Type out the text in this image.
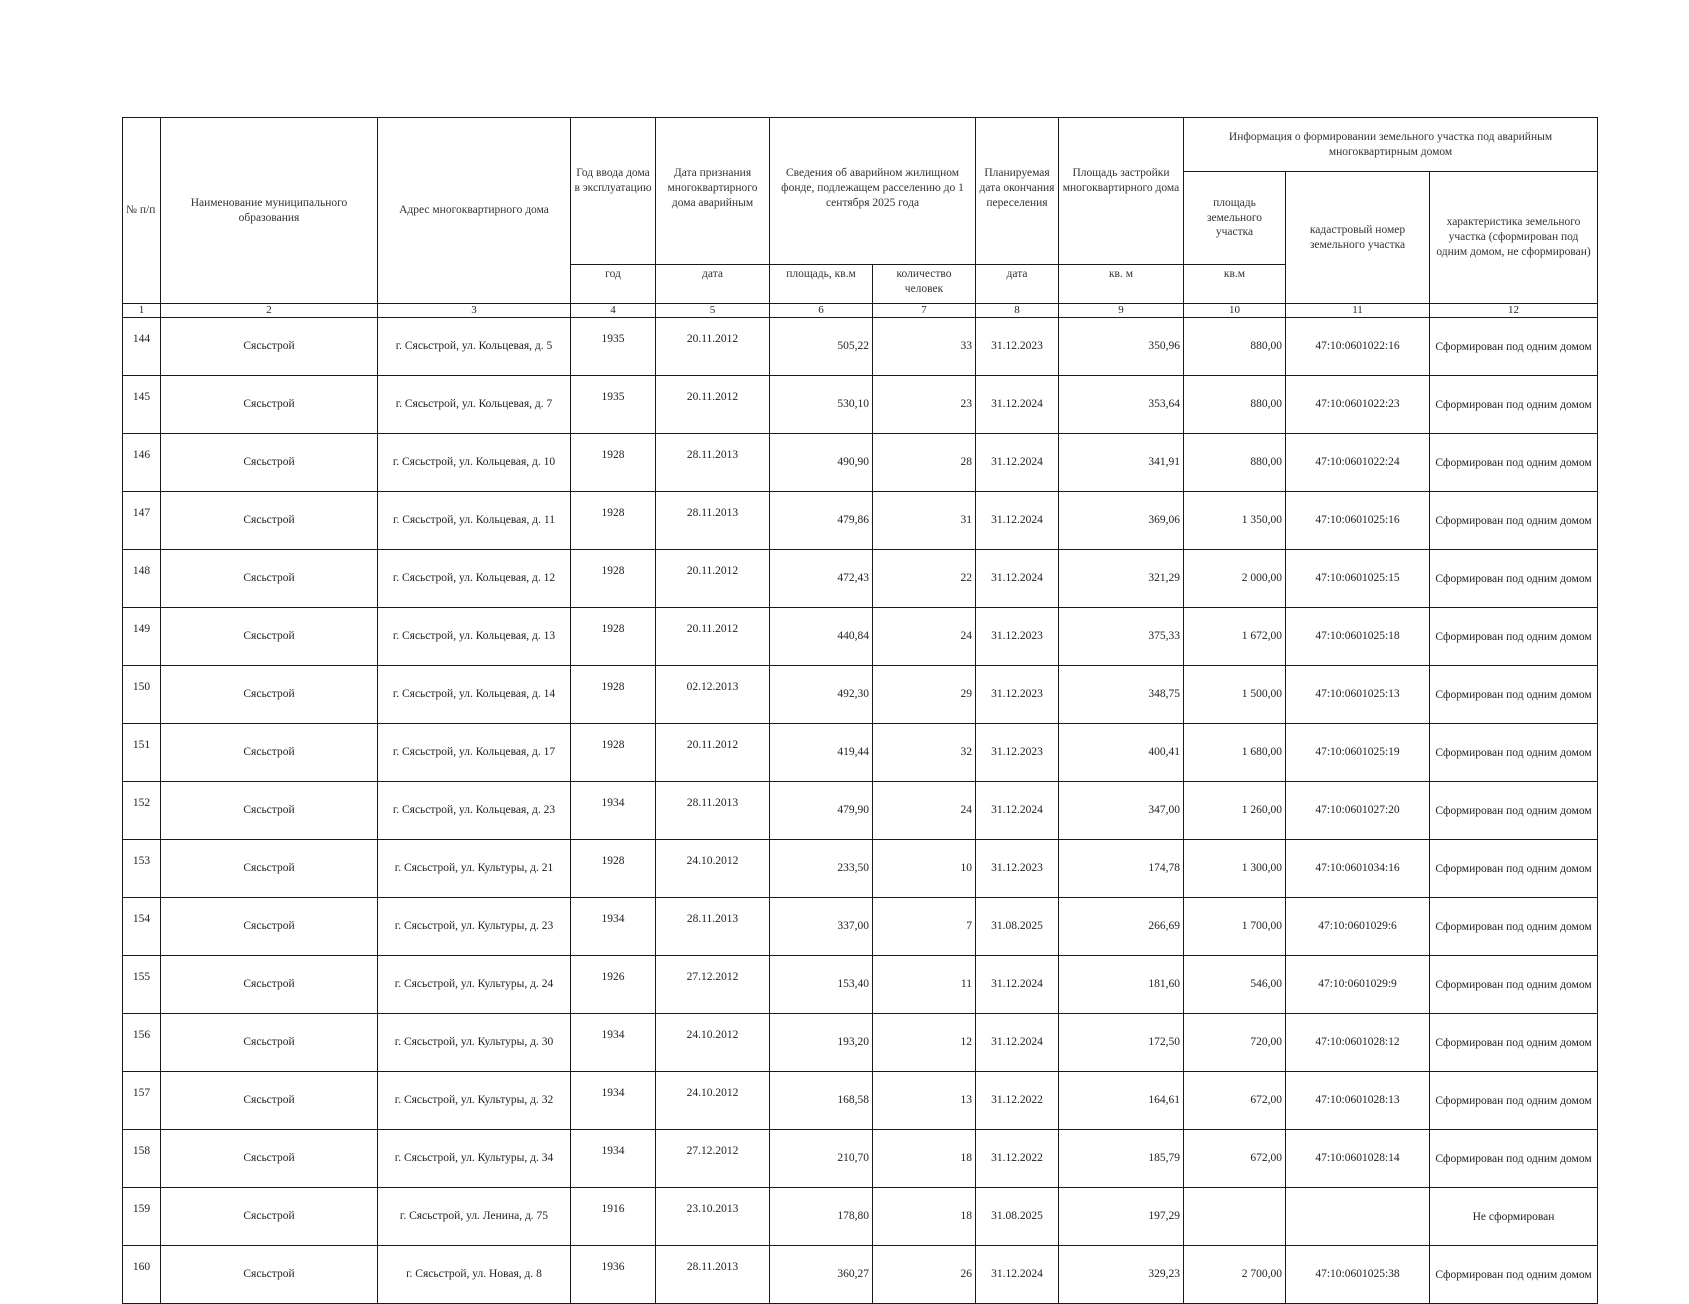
№ п/п	Наименование муниципального образования	Адрес многоквартирного дома	Год ввода дома в эксплуатацию	Дата признания многоквартирного дома аварийным	Сведения об аварийном жилищном фонде, подлежащем расселению до 1 сентября 2025 года		Планируемая дата окончания переселения	Площадь застройки многоквартирного дома	Информация о формировании земельного участка под аварийным многоквартирным домом		
									площадь земельного участка	кадастровый номер земельного участка	характеристика земельного участка (сформирован под одним домом, не сформирован)
			год	дата	площадь, кв.м	количество человек	дата	кв. м	кв.м		
1	2	3	4	5	6	7	8	9	10	11	12
144	Сясьстрой	г. Сясьстрой, ул. Кольцевая, д. 5	1935	20.11.2012	505,22	33	31.12.2023	350,96	880,00	47:10:0601022:16	Сформирован под одним домом
145	Сясьстрой	г. Сясьстрой, ул. Кольцевая, д. 7	1935	20.11.2012	530,10	23	31.12.2024	353,64	880,00	47:10:0601022:23	Сформирован под одним домом
146	Сясьстрой	г. Сясьстрой, ул. Кольцевая, д. 10	1928	28.11.2013	490,90	28	31.12.2024	341,91	880,00	47:10:0601022:24	Сформирован под одним домом
147	Сясьстрой	г. Сясьстрой, ул. Кольцевая, д. 11	1928	28.11.2013	479,86	31	31.12.2024	369,06	1 350,00	47:10:0601025:16	Сформирован под одним домом
148	Сясьстрой	г. Сясьстрой, ул. Кольцевая, д. 12	1928	20.11.2012	472,43	22	31.12.2024	321,29	2 000,00	47:10:0601025:15	Сформирован под одним домом
149	Сясьстрой	г. Сясьстрой, ул. Кольцевая, д. 13	1928	20.11.2012	440,84	24	31.12.2023	375,33	1 672,00	47:10:0601025:18	Сформирован под одним домом
150	Сясьстрой	г. Сясьстрой, ул. Кольцевая, д. 14	1928	02.12.2013	492,30	29	31.12.2023	348,75	1 500,00	47:10:0601025:13	Сформирован под одним домом
151	Сясьстрой	г. Сясьстрой, ул. Кольцевая, д. 17	1928	20.11.2012	419,44	32	31.12.2023	400,41	1 680,00	47:10:0601025:19	Сформирован под одним домом
152	Сясьстрой	г. Сясьстрой, ул. Кольцевая, д. 23	1934	28.11.2013	479,90	24	31.12.2024	347,00	1 260,00	47:10:0601027:20	Сформирован под одним домом
153	Сясьстрой	г. Сясьстрой, ул. Культуры, д. 21	1928	24.10.2012	233,50	10	31.12.2023	174,78	1 300,00	47:10:0601034:16	Сформирован под одним домом
154	Сясьстрой	г. Сясьстрой, ул. Культуры, д. 23	1934	28.11.2013	337,00	7	31.08.2025	266,69	1 700,00	47:10:0601029:6	Сформирован под одним домом
155	Сясьстрой	г. Сясьстрой, ул. Культуры, д. 24	1926	27.12.2012	153,40	11	31.12.2024	181,60	546,00	47:10:0601029:9	Сформирован под одним домом
156	Сясьстрой	г. Сясьстрой, ул. Культуры, д. 30	1934	24.10.2012	193,20	12	31.12.2024	172,50	720,00	47:10:0601028:12	Сформирован под одним домом
157	Сясьстрой	г. Сясьстрой, ул. Культуры, д. 32	1934	24.10.2012	168,58	13	31.12.2022	164,61	672,00	47:10:0601028:13	Сформирован под одним домом
158	Сясьстрой	г. Сясьстрой, ул. Культуры, д. 34	1934	27.12.2012	210,70	18	31.12.2022	185,79	672,00	47:10:0601028:14	Сформирован под одним домом
159	Сясьстрой	г. Сясьстрой, ул. Ленина, д. 75	1916	23.10.2013	178,80	18	31.08.2025	197,29			Не сформирован
160	Сясьстрой	г. Сясьстрой, ул. Новая, д. 8	1936	28.11.2013	360,27	26	31.12.2024	329,23	2 700,00	47:10:0601025:38	Сформирован под одним домом
